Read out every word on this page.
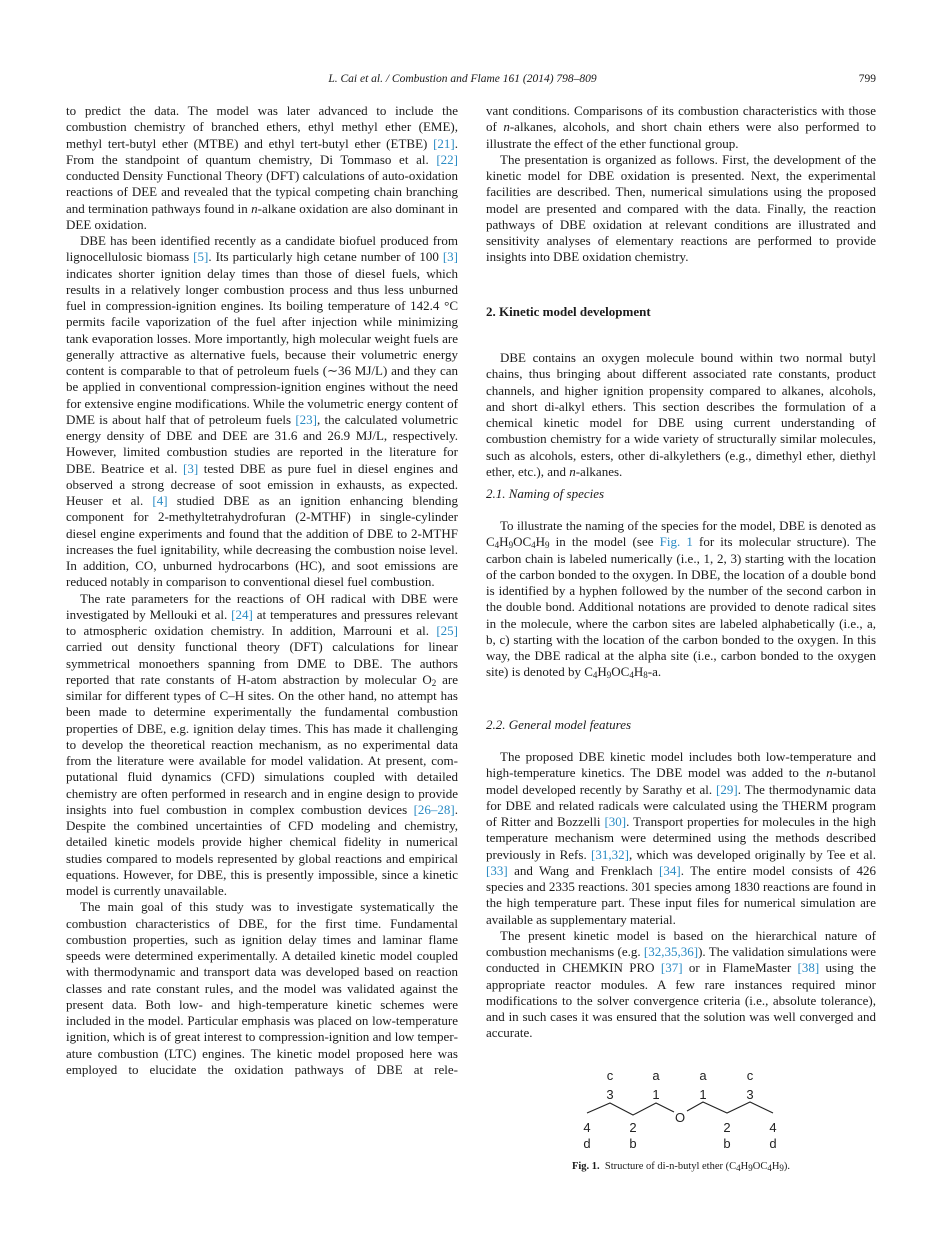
L. Cai et al. / Combustion and Flame 161 (2014) 798–809	799

to predict the data. The model was later advanced to include the combustion chemistry of branched ethers, ethyl methyl ether (EME), methyl tert-butyl ether (MTBE) and ethyl tert-butyl ether (ETBE) [21]. From the standpoint of quantum chemistry, Di Tommaso et al. [22] conducted Density Functional Theory (DFT) calculations of auto-oxidation reactions of DEE and revealed that the typical competing chain branching and termination pathways found in n-alkane oxidation are also dominant in DEE oxidation.

DBE has been identified recently as a candidate biofuel produced from lignocellulosic biomass [5]. Its particularly high cetane number of 100 [3] indicates shorter ignition delay times than those of diesel fuels, which results in a relatively longer combustion process and thus less unburned fuel in compression-ignition engines. Its boiling temperature of 142.4 °C permits facile vaporization of the fuel after injection while minimizing tank evaporation losses. More importantly, high molecular weight fuels are generally attractive as alternative fuels, because their volumetric energy content is comparable to that of petroleum fuels (∼36 MJ/L) and they can be applied in conventional compression-ignition engines without the need for extensive engine modifications. While the volumetric energy content of DME is about half that of petroleum fuels [23], the calculated volumetric energy density of DBE and DEE are 31.6 and 26.9 MJ/L, respectively. However, limited combustion studies are reported in the literature for DBE. Beatrice et al. [3] tested DBE as pure fuel in diesel engines and observed a strong decrease of soot emission in exhausts, as expected. Heuser et al. [4] studied DBE as an ignition enhancing blending component for 2-methyltetrahydrofuran (2-MTHF) in single-cylinder diesel engine experiments and found that the addition of DBE to 2-MTHF increases the fuel ignitability, while decreasing the combustion noise level. In addition, CO, unburned hydrocarbons (HC), and soot emissions are reduced notably in comparison to conventional diesel fuel combustion.

The rate parameters for the reactions of OH radical with DBE were investigated by Mellouki et al. [24] at temperatures and pressures relevant to atmospheric oxidation chemistry. In addition, Marrouni et al. [25] carried out density functional theory (DFT) calculations for linear symmetrical monoethers spanning from DME to DBE. The authors reported that rate constants of H-atom abstraction by molecular $O_2$ are similar for different types of C–H sites. On the other hand, no attempt has been made to determine experimentally the fundamental combustion properties of DBE, e.g. ignition delay times. This has made it challenging to develop the theoretical reaction mechanism, as no experimental data from the literature were available for model validation. At present, computational fluid dynamics (CFD) simulations coupled with detailed chemistry are often performed in research and in engine design to provide insights into fuel combustion in complex combustion devices [26–28]. Despite the combined uncertainties of CFD modeling and chemistry, detailed kinetic models provide higher chemical fidelity in numerical studies compared to models represented by global reactions and empirical equations. However, for DBE, this is presently impossible, since a kinetic model is currently unavailable.

The main goal of this study was to investigate systematically the combustion characteristics of DBE, for the first time. Fundamental combustion properties, such as ignition delay times and laminar flame speeds were determined experimentally. A detailed kinetic model coupled with thermodynamic and transport data was developed based on reaction classes and rate constant rules, and the model was validated against the present data. Both low- and high-temperature kinetic schemes were included in the model. Particular emphasis was placed on low-temperature ignition, which is of great interest to compression-ignition and low temperature combustion (LTC) engines. The kinetic model proposed here was employed to elucidate the oxidation pathways of DBE at rele-

vant conditions. Comparisons of its combustion characteristics with those of n-alkanes, alcohols, and short chain ethers were also performed to illustrate the effect of the ether functional group.

The presentation is organized as follows. First, the development of the kinetic model for DBE oxidation is presented. Next, the experimental facilities are described. Then, numerical simulations using the proposed model are presented and compared with the data. Finally, the reaction pathways of DBE oxidation at relevant conditions are illustrated and sensitivity analyses of elementary reactions are performed to provide insights into DBE oxidation chemistry.

2. Kinetic model development

DBE contains an oxygen molecule bound within two normal butyl chains, thus bringing about different associated rate constants, product channels, and higher ignition propensity compared to alkanes, alcohols, and short di-alkyl ethers. This section describes the formulation of a chemical kinetic model for DBE using current understanding of combustion chemistry for a wide variety of structurally similar molecules, such as alcohols, esters, other di-alkylethers (e.g., dimethyl ether, diethyl ether, etc.), and n-alkanes.

2.1. Naming of species

To illustrate the naming of the species for the model, DBE is denoted as $C_4H_9OC_4H_9$ in the model (see Fig. 1 for its molecular structure). The carbon chain is labeled numerically (i.e., 1, 2, 3) starting with the location of the carbon bonded to the oxygen. In DBE, the location of a double bond is identified by a hyphen followed by the number of the second carbon in the double bond. Additional notations are provided to denote radical sites in the molecule, where the carbon sites are labeled alphabetically (i.e., a, b, c) starting with the location of the carbon bonded to the oxygen. In this way, the DBE radical at the alpha site (i.e., carbon bonded to the oxygen site) is denoted by $C_4H_9OC_4H_8-a$.

2.2. General model features

The proposed DBE kinetic model includes both low-temperature and high-temperature kinetics. The DBE model was added to the n-butanol model developed recently by Sarathy et al. [29]. The thermodynamic data for DBE and related radicals were calculated using the THERM program of Ritter and Bozzelli [30]. Transport properties for molecules in the high temperature mechanism were determined using the methods described previously in Refs. [31,32], which was developed originally by Tee et al. [33] and Wang and Frenklach [34]. The entire model consists of 426 species and 2335 reactions. 301 species among 1830 reactions are found in the high temperature part. These input files for numerical simulation are available as supplementary material.

The present kinetic model is based on the hierarchical nature of combustion mechanisms (e.g. [32,35,36]). The validation simulations were conducted in CHEMKIN PRO [37] or in FlameMaster [38] using the appropriate reactor modules. A few rare instances required minor modifications to the solver convergence criteria (i.e., absolute tolerance), and in such cases it was ensured that the solution was well converged and accurate.

O
c	a	a	c
3	1	1	3
4	2	2	4
d	b	b	d
Fig. 1. Structure of di-n-butyl ether $(C_4H_9OC_4H_9)$.
